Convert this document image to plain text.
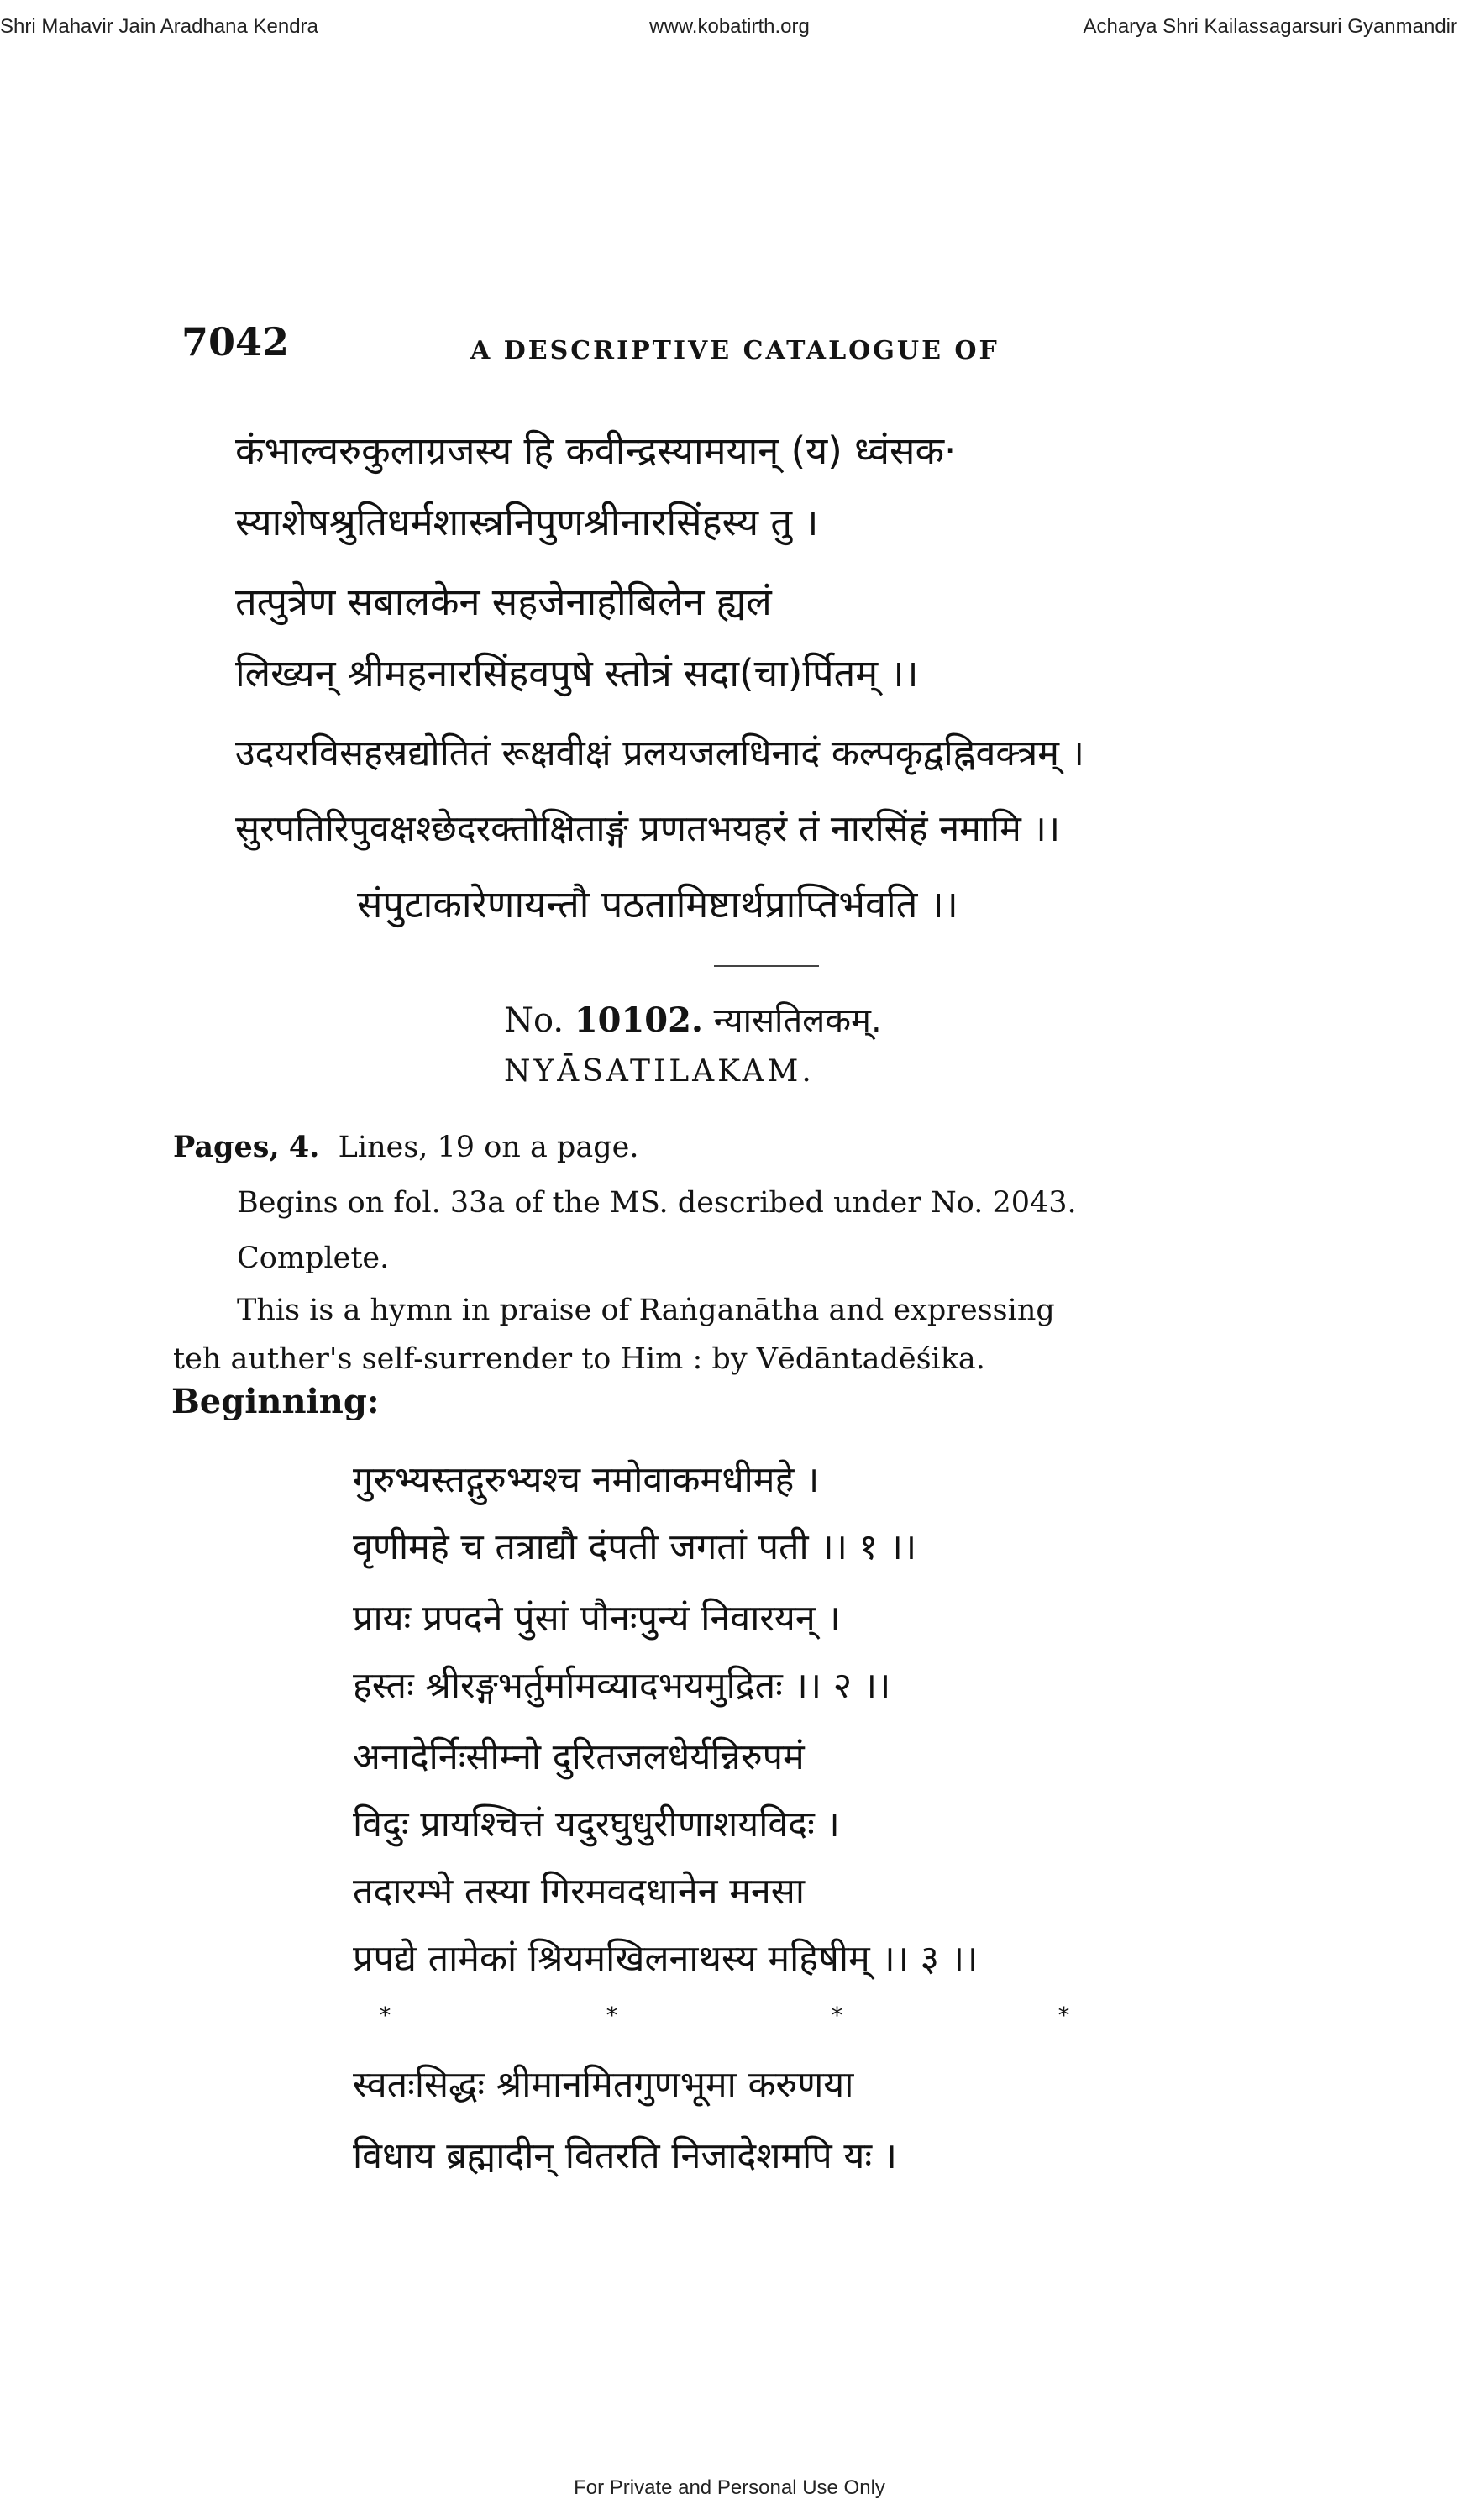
www.kobatirth.org
Shri Mahavir Jain Aradhana Kendra	Acharya Shri Kailassagarsuri Gyanmandir
7042	A DESCRIPTIVE CATALOGUE OF
कंभाल्वरुकुलाग्रजस्य हि कवीन्द्रस्यामयान् (य) ध्वंसक·
स्याशेषश्रुतिधर्मशास्त्रनिपुणश्रीनारसिंहस्य तु ।
तत्पुत्रेण सबालकेन सहजेनाहोबिलेन ह्यलं
लिख्यन् श्रीमहनारसिंहवपुषे स्तोत्रं सदा(चा)र्पितम् ।।
उदयरविसहस्रद्योतितं रूक्षवीक्षं प्रलयजलधिनादं कल्पकृद्वह्निवक्त्रम् ।
सुरपतिरिपुवक्षश्छेदरक्तोक्षिताङ्गं प्रणतभयहरं तं नारसिंहं नमामि ।।
संपुटाकारेणायन्तौ पठतामिष्टार्थप्राप्तिर्भवति ।।
No. 10102. न्यासतिलकम्.
NYĀSATILAKAM.
Pages, 4. Lines, 19 on a page.
Begins on fol. 33a of the MS. described under No. 2043.
Complete.
This is a hymn in praise of Raṅganātha and expressing
teh auther's self-surrender to Him : by Vēdāntadēśika.
Beginning:
गुरुभ्यस्तद्गुरुभ्यश्च नमोवाकमधीमहे ।
वृणीमहे च तत्राद्यौ दंपती जगतां पती ।। १ ।।
प्रायः प्रपदने पुंसां पौनःपुन्यं निवारयन् ।
हस्तः श्रीरङ्गभर्तुर्मामव्यादभयमुद्रितः ।। २ ।।
अनादेर्निःसीम्नो दुरितजलधेर्यन्निरुपमं
विदुः प्रायश्चित्तं यदुरघुधुरीणाशयविदः ।
तदारम्भे तस्या गिरमवदधानेन मनसा
प्रपद्ये तामेकां श्रियमखिलनाथस्य महिषीम् ।। ३ ।।
*	*	*	*
स्वतःसिद्धः श्रीमानमितगुणभूमा करुणया
विधाय ब्रह्मादीन् वितरति निजादेशमपि यः ।
For Private and Personal Use Only
